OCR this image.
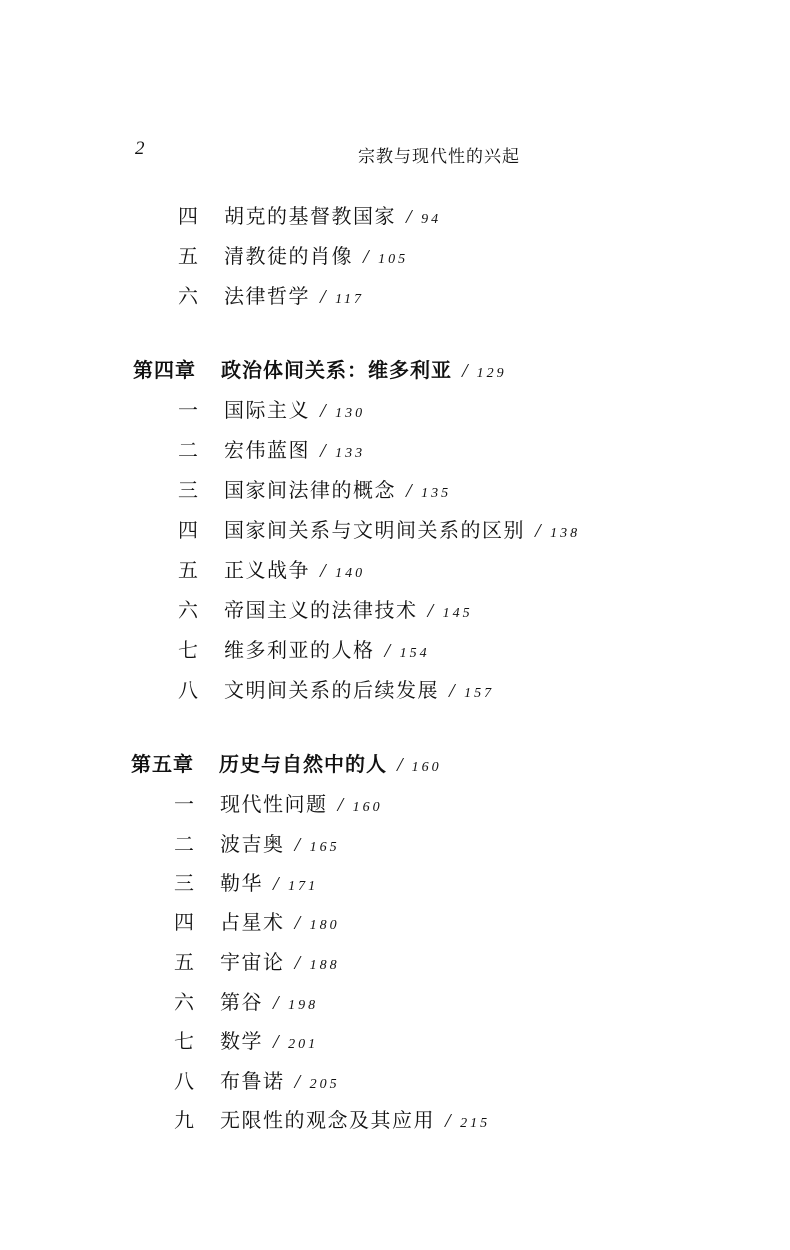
2	宗教与现代性的兴起
四 胡克的基督教国家 / 94
五 清教徒的肖像 / 105
六 法律哲学 / 117
第四章 政治体间关系：维多利亚 / 129
一 国际主义 / 130
二 宏伟蓝图 / 133
三 国家间法律的概念 / 135
四 国家间关系与文明间关系的区别 / 138
五 正义战争 / 140
六 帝国主义的法律技术 / 145
七 维多利亚的人格 / 154
八 文明间关系的后续发展 / 157
第五章 历史与自然中的人 / 160
一 现代性问题 / 160
二 波吉奥 / 165
三 勒华 / 171
四 占星术 / 180
五 宇宙论 / 188
六 第谷 / 198
七 数学 / 201
八 布鲁诺 / 205
九 无限性的观念及其应用 / 215
